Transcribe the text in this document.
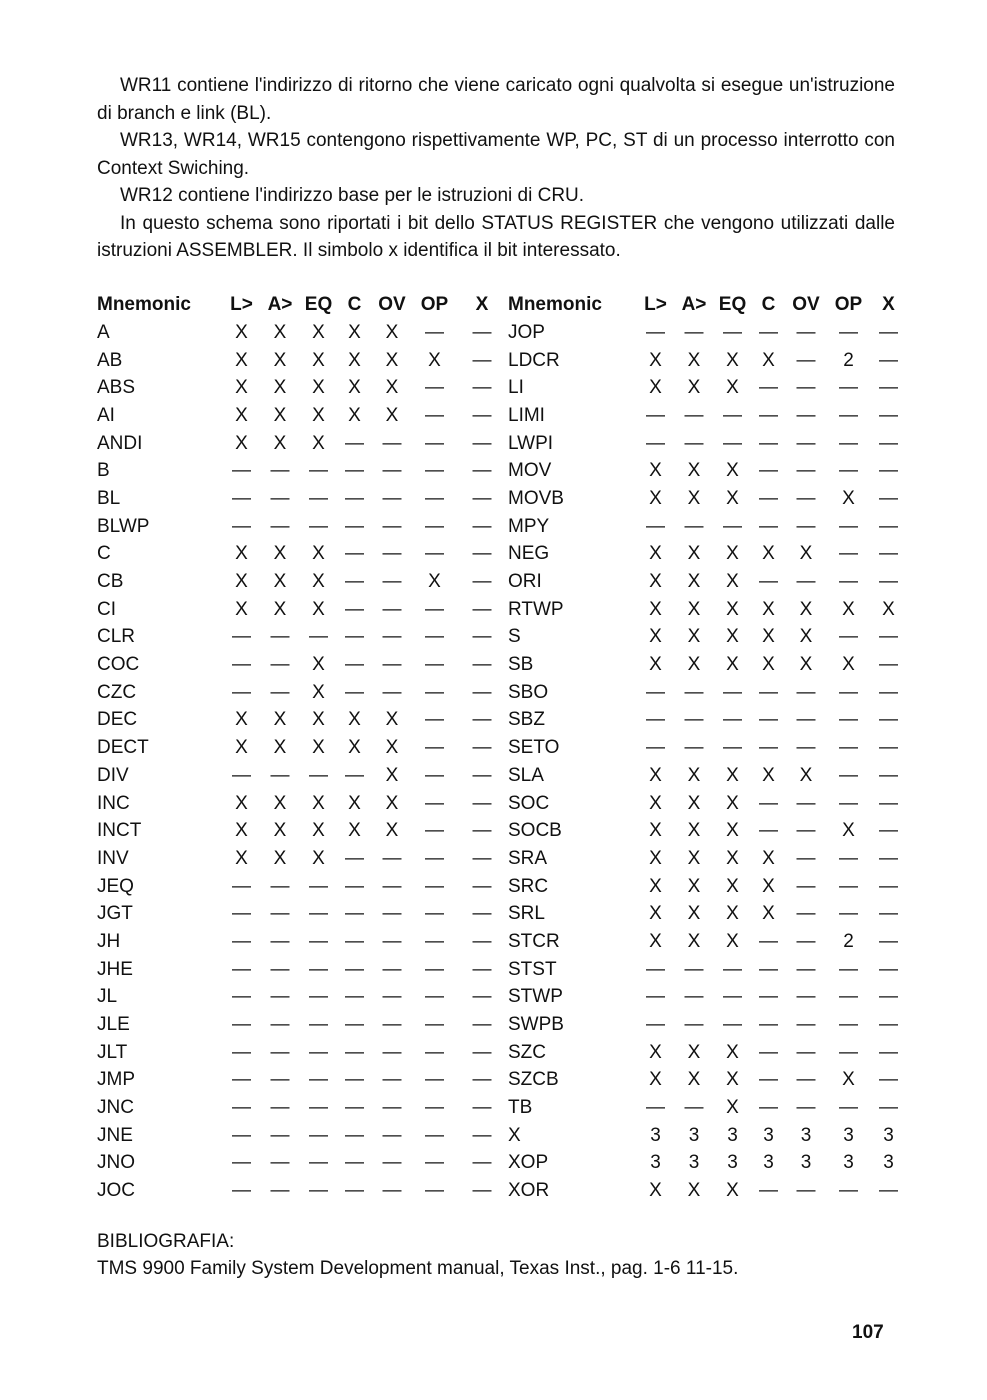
WR11 contiene l'indirizzo di ritorno che viene caricato ogni qualvolta si esegue un'istruzione di branch e link (BL).

WR13, WR14, WR15 contengono rispettivamente WP, PC, ST di un processo interrotto con Context Swiching.

WR12 contiene l'indirizzo base per le istruzioni di CRU.

In questo schema sono riportati i bit dello STATUS REGISTER che vengono utilizzati dalle istruzioni ASSEMBLER. Il simbolo x identifica il bit interessato.

Mnemonic	L>	A>	EQ	C	OV	OP	X	Mnemonic	L>	A>	EQ	C	OV	OP	X
A	X	X	X	X	X	—	—	JOP	—	—	—	—	—	—	—
AB	X	X	X	X	X	X	—	LDCR	X	X	X	X	—	2	—
ABS	X	X	X	X	X	—	—	LI	X	X	X	—	—	—	—
AI	X	X	X	X	X	—	—	LIMI	—	—	—	—	—	—	—
ANDI	X	X	X	—	—	—	—	LWPI	—	—	—	—	—	—	—
B	—	—	—	—	—	—	—	MOV	X	X	X	—	—	—	—
BL	—	—	—	—	—	—	—	MOVB	X	X	X	—	—	X	—
BLWP	—	—	—	—	—	—	—	MPY	—	—	—	—	—	—	—
C	X	X	X	—	—	—	—	NEG	X	X	X	X	X	—	—
CB	X	X	X	—	—	X	—	ORI	X	X	X	—	—	—	—
CI	X	X	X	—	—	—	—	RTWP	X	X	X	X	X	X	X
CLR	—	—	—	—	—	—	—	S	X	X	X	X	X	—	—
COC	—	—	X	—	—	—	—	SB	X	X	X	X	X	X	—
CZC	—	—	X	—	—	—	—	SBO	—	—	—	—	—	—	—
DEC	X	X	X	X	X	—	—	SBZ	—	—	—	—	—	—	—
DECT	X	X	X	X	X	—	—	SETO	—	—	—	—	—	—	—
DIV	—	—	—	—	X	—	—	SLA	X	X	X	X	X	—	—
INC	X	X	X	X	X	—	—	SOC	X	X	X	—	—	—	—
INCT	X	X	X	X	X	—	—	SOCB	X	X	X	—	—	X	—
INV	X	X	X	—	—	—	—	SRA	X	X	X	X	—	—	—
JEQ	—	—	—	—	—	—	—	SRC	X	X	X	X	—	—	—
JGT	—	—	—	—	—	—	—	SRL	X	X	X	X	—	—	—
JH	—	—	—	—	—	—	—	STCR	X	X	X	—	—	2	—
JHE	—	—	—	—	—	—	—	STST	—	—	—	—	—	—	—
JL	—	—	—	—	—	—	—	STWP	—	—	—	—	—	—	—
JLE	—	—	—	—	—	—	—	SWPB	—	—	—	—	—	—	—
JLT	—	—	—	—	—	—	—	SZC	X	X	X	—	—	—	—
JMP	—	—	—	—	—	—	—	SZCB	X	X	X	—	—	X	—
JNC	—	—	—	—	—	—	—	TB	—	—	X	—	—	—	—
JNE	—	—	—	—	—	—	—	X	3	3	3	3	3	3	3
JNO	—	—	—	—	—	—	—	XOP	3	3	3	3	3	3	3
JOC	—	—	—	—	—	—	—	XOR	X	X	X	—	—	—	—
BIBLIOGRAFIA:
TMS 9900 Family System Development manual, Texas Inst., pag. 1-6 11-15.
107
